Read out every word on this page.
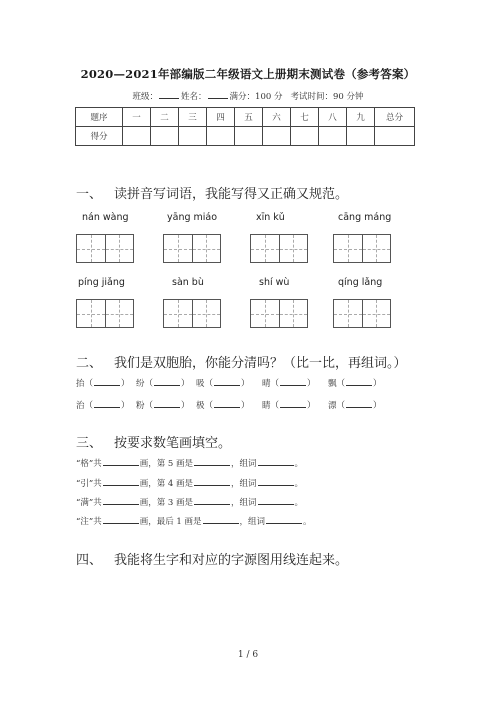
2020—2021年部编版二年级语文上册期末测试卷（参考答案）
班级：	姓名：	满分：100 分 考试时间：90 分钟
题序	一	二	三	四	五	六	七	八	九	总分
得分										
一、 读拼音写词语，我能写得又正确又规范。
nán wàng	yāng miáo	xīn kǔ	cāng máng
píng jiǎng	sàn bù	shí wù	qíng lǎng
二、 我们是双胞胎，你能分清吗？（比一比，再组词。）
抬（	） 纷（	） 吸（	）	晴（	）	飘（	）
治（	） 粉（	） 极（	）	睛（	）	漂（	）
三、 按要求数笔画填空。
“格”共	画，第 5 画是	，组词	。
“引”共	画，第 4 画是	，组词	。
“满”共	画，第 3 画是	，组词	。
“注”共	画，最后 1 画是	，组词	。
四、 我能将生字和对应的字源图用线连起来。
1 / 6
